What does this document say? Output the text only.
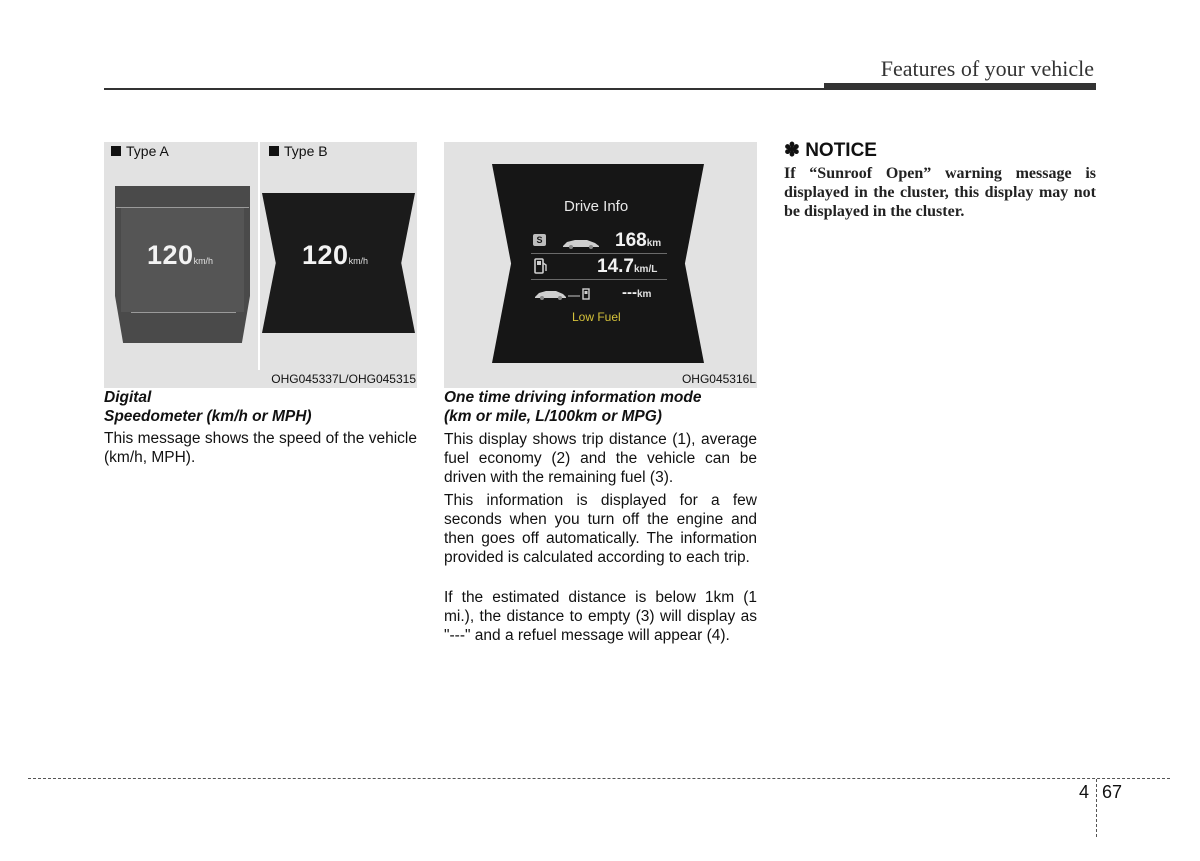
Features of your vehicle
Type A	Type B
120km/h	120km/h
OHG045337L/OHG045315
Drive Info
S	168km
14.7km/L
---km
Low Fuel
OHG045316L
Digital
Speedometer (km/h or MPH)
This message shows the speed of the vehicle (km/h, MPH).
One time driving information mode
(km or mile, L/100km or MPG)
This display shows trip distance (1), average fuel economy (2) and the vehicle can be driven with the remaining fuel (3).
This information is displayed for a few seconds when you turn off the engine and then goes off automatically. The information provided is calculated according to each trip.
If the estimated distance is below 1km (1 mi.), the distance to empty (3) will display as "---" and a refuel message will appear (4).
✽ NOTICE
If “Sunroof Open” warning message is displayed in the cluster, this display may not be displayed in the cluster.
4 67
